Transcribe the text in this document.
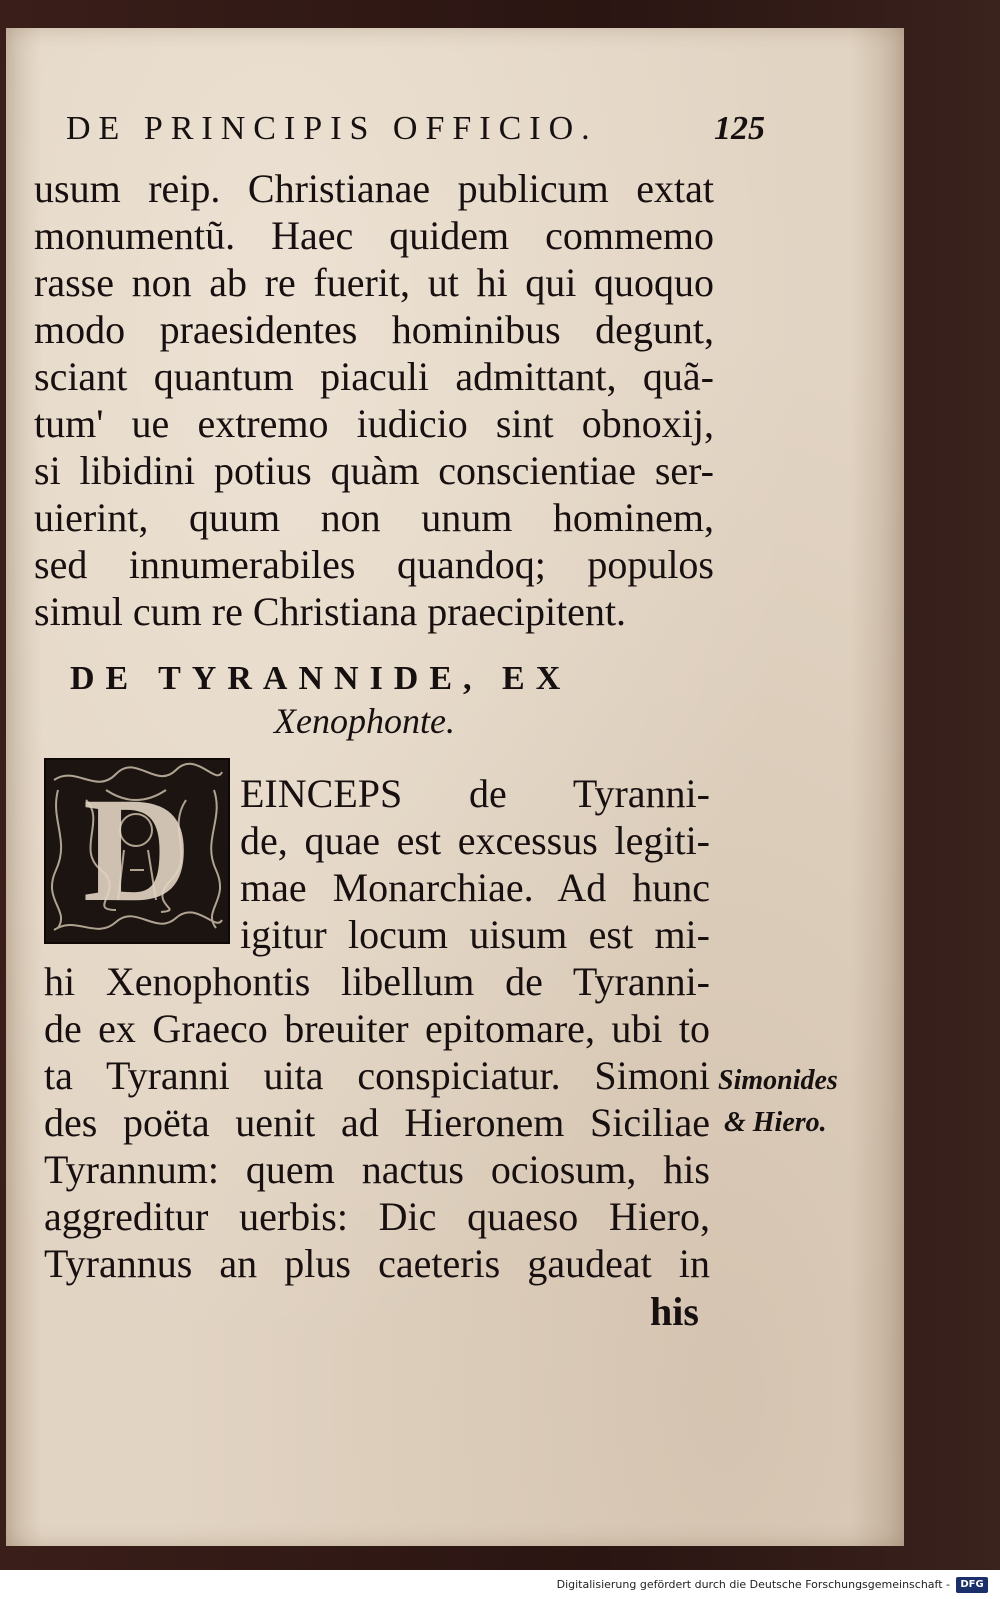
DE PRINCIPIS OFFICIO.	125
usum reip. Christianae publicum extat
monumentũ. Haec quidem commemo
rasse non ab re fuerit, ut hi qui quoquo
modo praesidentes hominibus degunt,
sciant quantum piaculi admittant, quã-
tum' ue extremo iudicio sint obnoxij,
si libidini potius quàm conscientiae ser-
uierint, quum non unum hominem,
sed innumerabiles quandoq; populos
simul cum re Christiana praecipitent.
DE TYRANNIDE, EX
Xenophonte.
D EINCEPS de Tyranni-
de, quae est excessus legiti-
mae Monarchiae. Ad hunc
igitur locum uisum est mi-
hi Xenophontis libellum de Tyranni-
de ex Graeco breuiter epitomare, ubi to
ta Tyranni uita conspiciatur. Simoni
des poëta uenit ad Hieronem Siciliae
Tyrannum: quem nactus ociosum, his
aggreditur uerbis: Dic quaeso Hiero,
Tyrannus an plus caeteris gaudeat in
his
Simonides
& Hiero.
Digitalisierung gefördert durch die Deutsche Forschungsgemeinschaft -	DFG
